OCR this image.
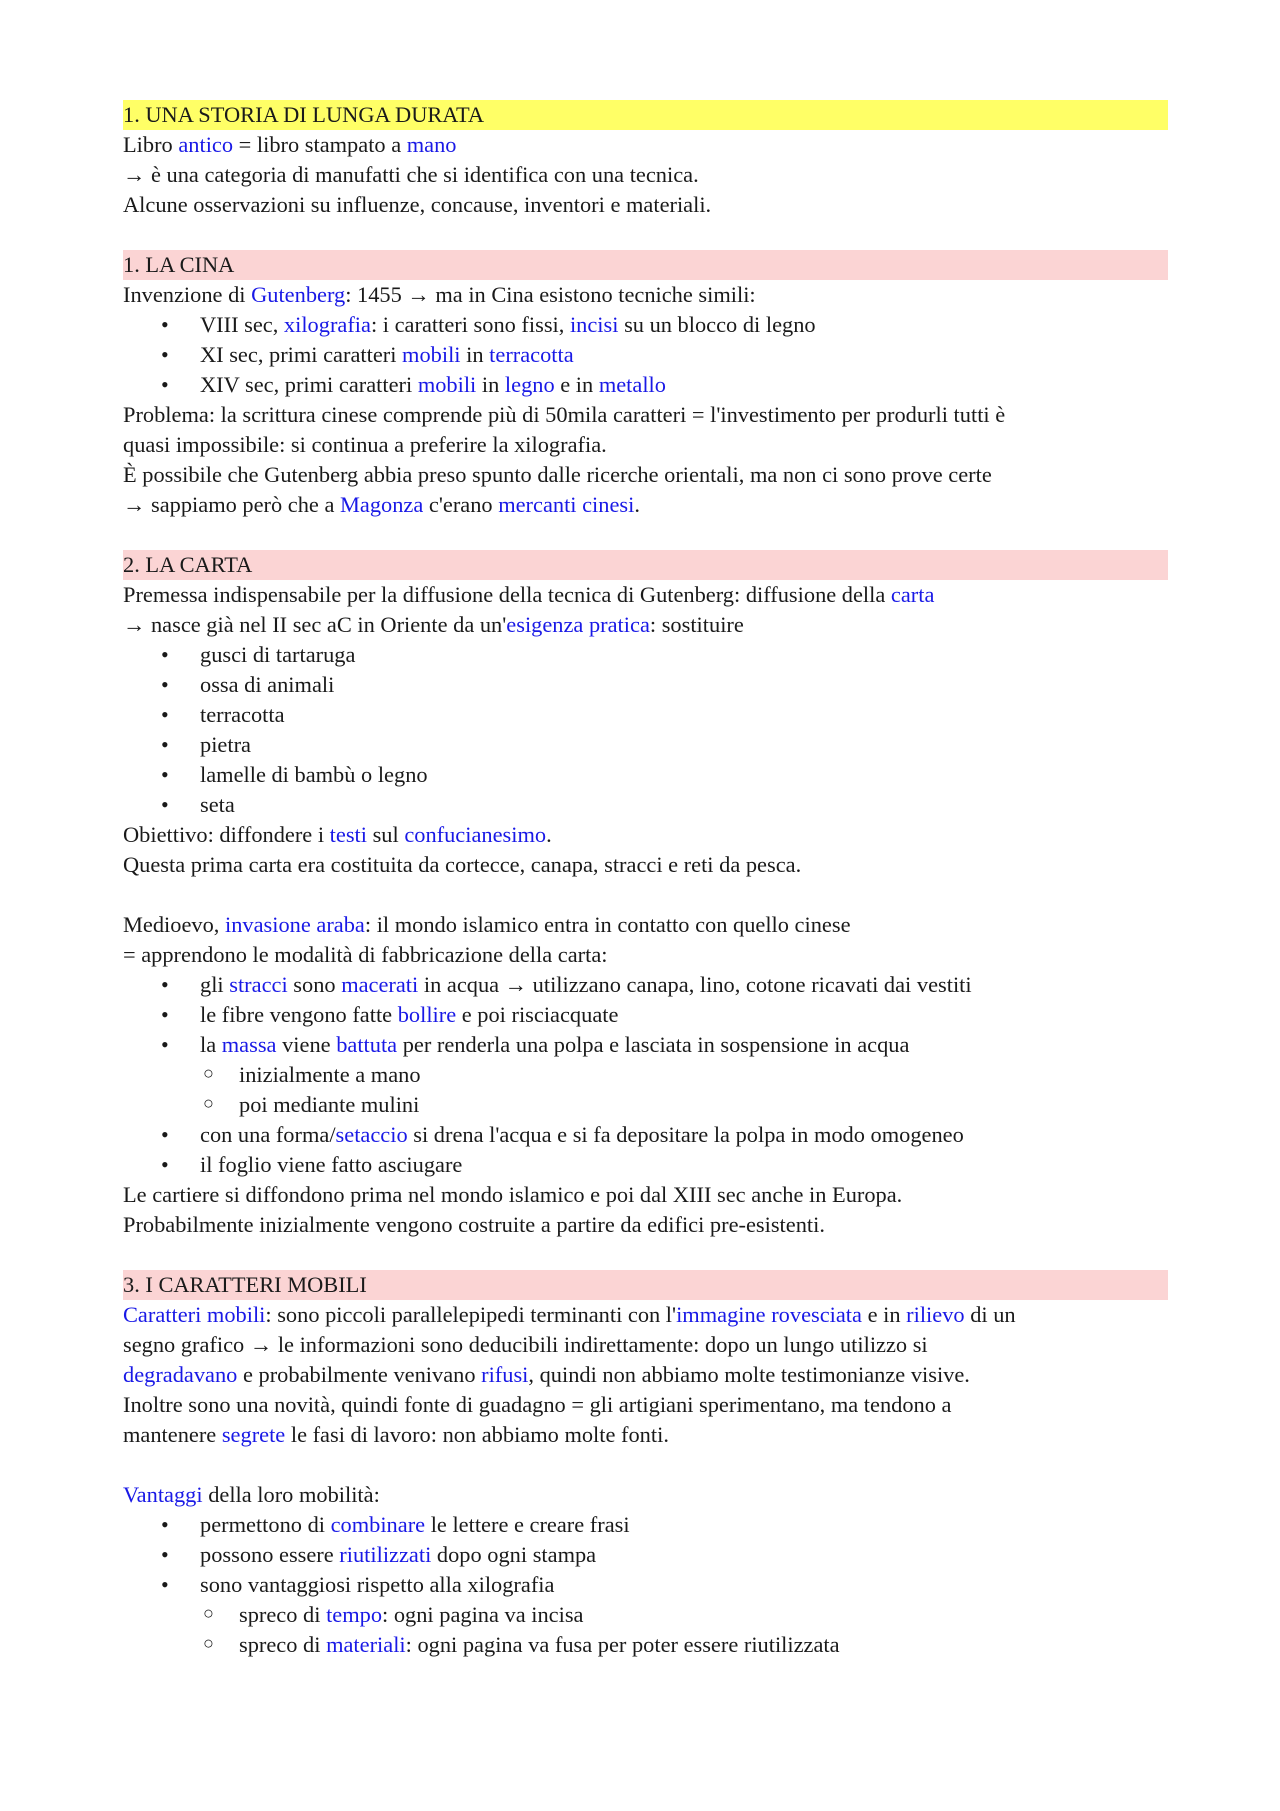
1. UNA STORIA DI LUNGA DURATA
Libro antico = libro stampato a mano
→ è una categoria di manufatti che si identifica con una tecnica.
Alcune osservazioni su influenze, concause, inventori e materiali.
1. LA CINA
Invenzione di Gutenberg: 1455 → ma in Cina esistono tecniche simili:
• VIII sec, xilografia: i caratteri sono fissi, incisi su un blocco di legno
• XI sec, primi caratteri mobili in terracotta
• XIV sec, primi caratteri mobili in legno e in metallo
Problema: la scrittura cinese comprende più di 50mila caratteri = l'investimento per produrli tutti è
quasi impossibile: si continua a preferire la xilografia.
È possibile che Gutenberg abbia preso spunto dalle ricerche orientali, ma non ci sono prove certe
→ sappiamo però che a Magonza c'erano mercanti cinesi.
2. LA CARTA
Premessa indispensabile per la diffusione della tecnica di Gutenberg: diffusione della carta
→ nasce già nel II sec aC in Oriente da un'esigenza pratica: sostituire
• gusci di tartaruga
• ossa di animali
• terracotta
• pietra
• lamelle di bambù o legno
• seta
Obiettivo: diffondere i testi sul confucianesimo.
Questa prima carta era costituita da cortecce, canapa, stracci e reti da pesca.
Medioevo, invasione araba: il mondo islamico entra in contatto con quello cinese
= apprendono le modalità di fabbricazione della carta:
• gli stracci sono macerati in acqua → utilizzano canapa, lino, cotone ricavati dai vestiti
• le fibre vengono fatte bollire e poi risciacquate
• la massa viene battuta per renderla una polpa e lasciata in sospensione in acqua
○ inizialmente a mano
○ poi mediante mulini
• con una forma/setaccio si drena l'acqua e si fa depositare la polpa in modo omogeneo
• il foglio viene fatto asciugare
Le cartiere si diffondono prima nel mondo islamico e poi dal XIII sec anche in Europa.
Probabilmente inizialmente vengono costruite a partire da edifici pre-esistenti.
3. I CARATTERI MOBILI
Caratteri mobili: sono piccoli parallelepipedi terminanti con l'immagine rovesciata e in rilievo di un
segno grafico → le informazioni sono deducibili indirettamente: dopo un lungo utilizzo si
degradavano e probabilmente venivano rifusi, quindi non abbiamo molte testimonianze visive.
Inoltre sono una novità, quindi fonte di guadagno = gli artigiani sperimentano, ma tendono a
mantenere segrete le fasi di lavoro: non abbiamo molte fonti.
Vantaggi della loro mobilità:
• permettono di combinare le lettere e creare frasi
• possono essere riutilizzati dopo ogni stampa
• sono vantaggiosi rispetto alla xilografia
○ spreco di tempo: ogni pagina va incisa
○ spreco di materiali: ogni pagina va fusa per poter essere riutilizzata
